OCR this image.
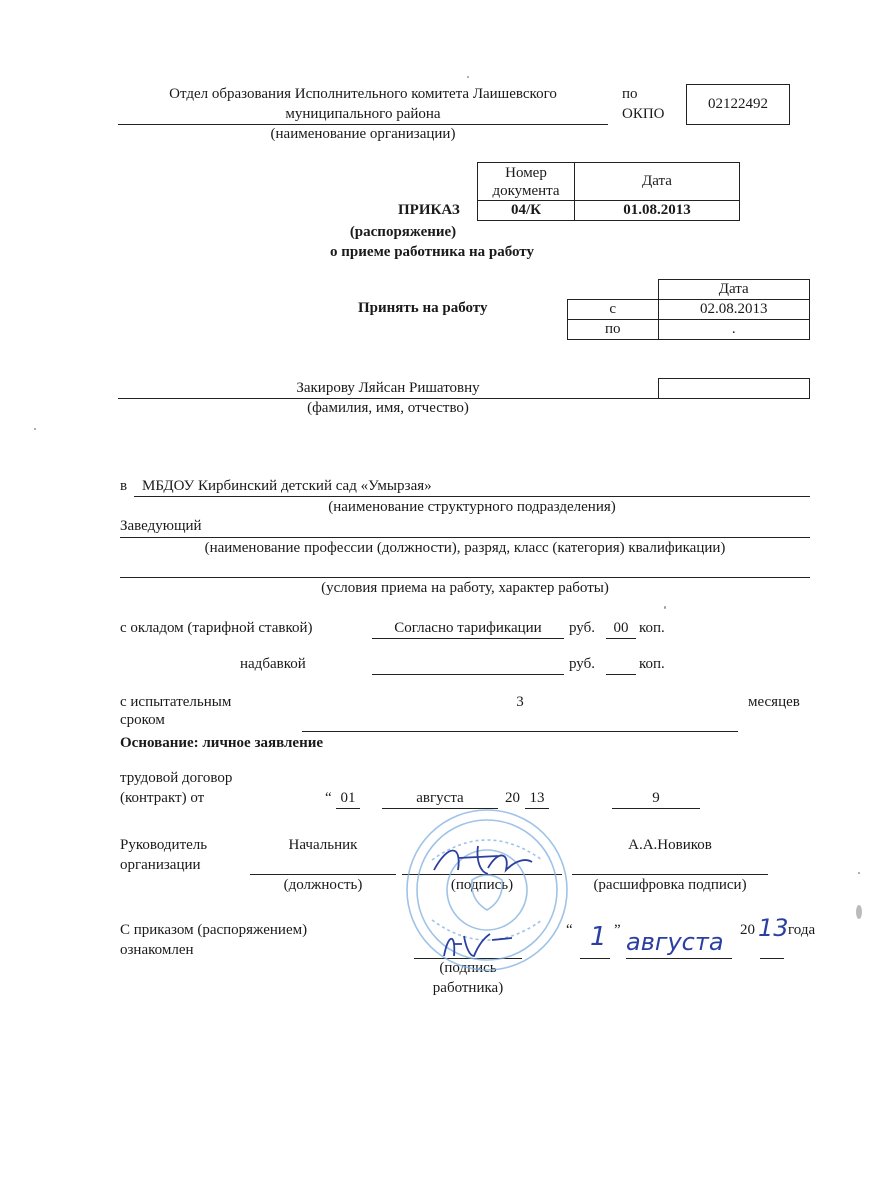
Отдел образования Исполнительного комитета Лаишевского
муниципального района
(наименование организации)
по
ОКПО
02122492
Номер документа	Дата
04/К	01.08.2013
ПРИКАЗ
(распоряжение)
о приеме работника на работу
Принять на работу
	Дата
с	02.08.2013
по	.
Закирову Ляйсан Ришатовну
(фамилия, имя, отчество)
в МБДОУ Кирбинский детский сад «Умырзая»
(наименование структурного подразделения)
Заведующий
(наименование профессии (должности), разряд, класс (категория) квалификации)
(условия приема на работу, характер работы)
с окладом (тарифной ставкой)	Согласно тарификации	руб.	00 коп.
надбавкой	руб.	коп.
с испытательным
сроком
3	месяцев
Основание: личное заявление
трудовой договор
(контракт) от	“ 01	августа	20 13	9
Руководитель
организации
Начальник	А.А.Новиков
(должность)	(подпись)	(расшифровка подписи)
С приказом (распоряжением)
ознакомлен
(подпись
работника)
“ 1 ” августа 20 13 года
